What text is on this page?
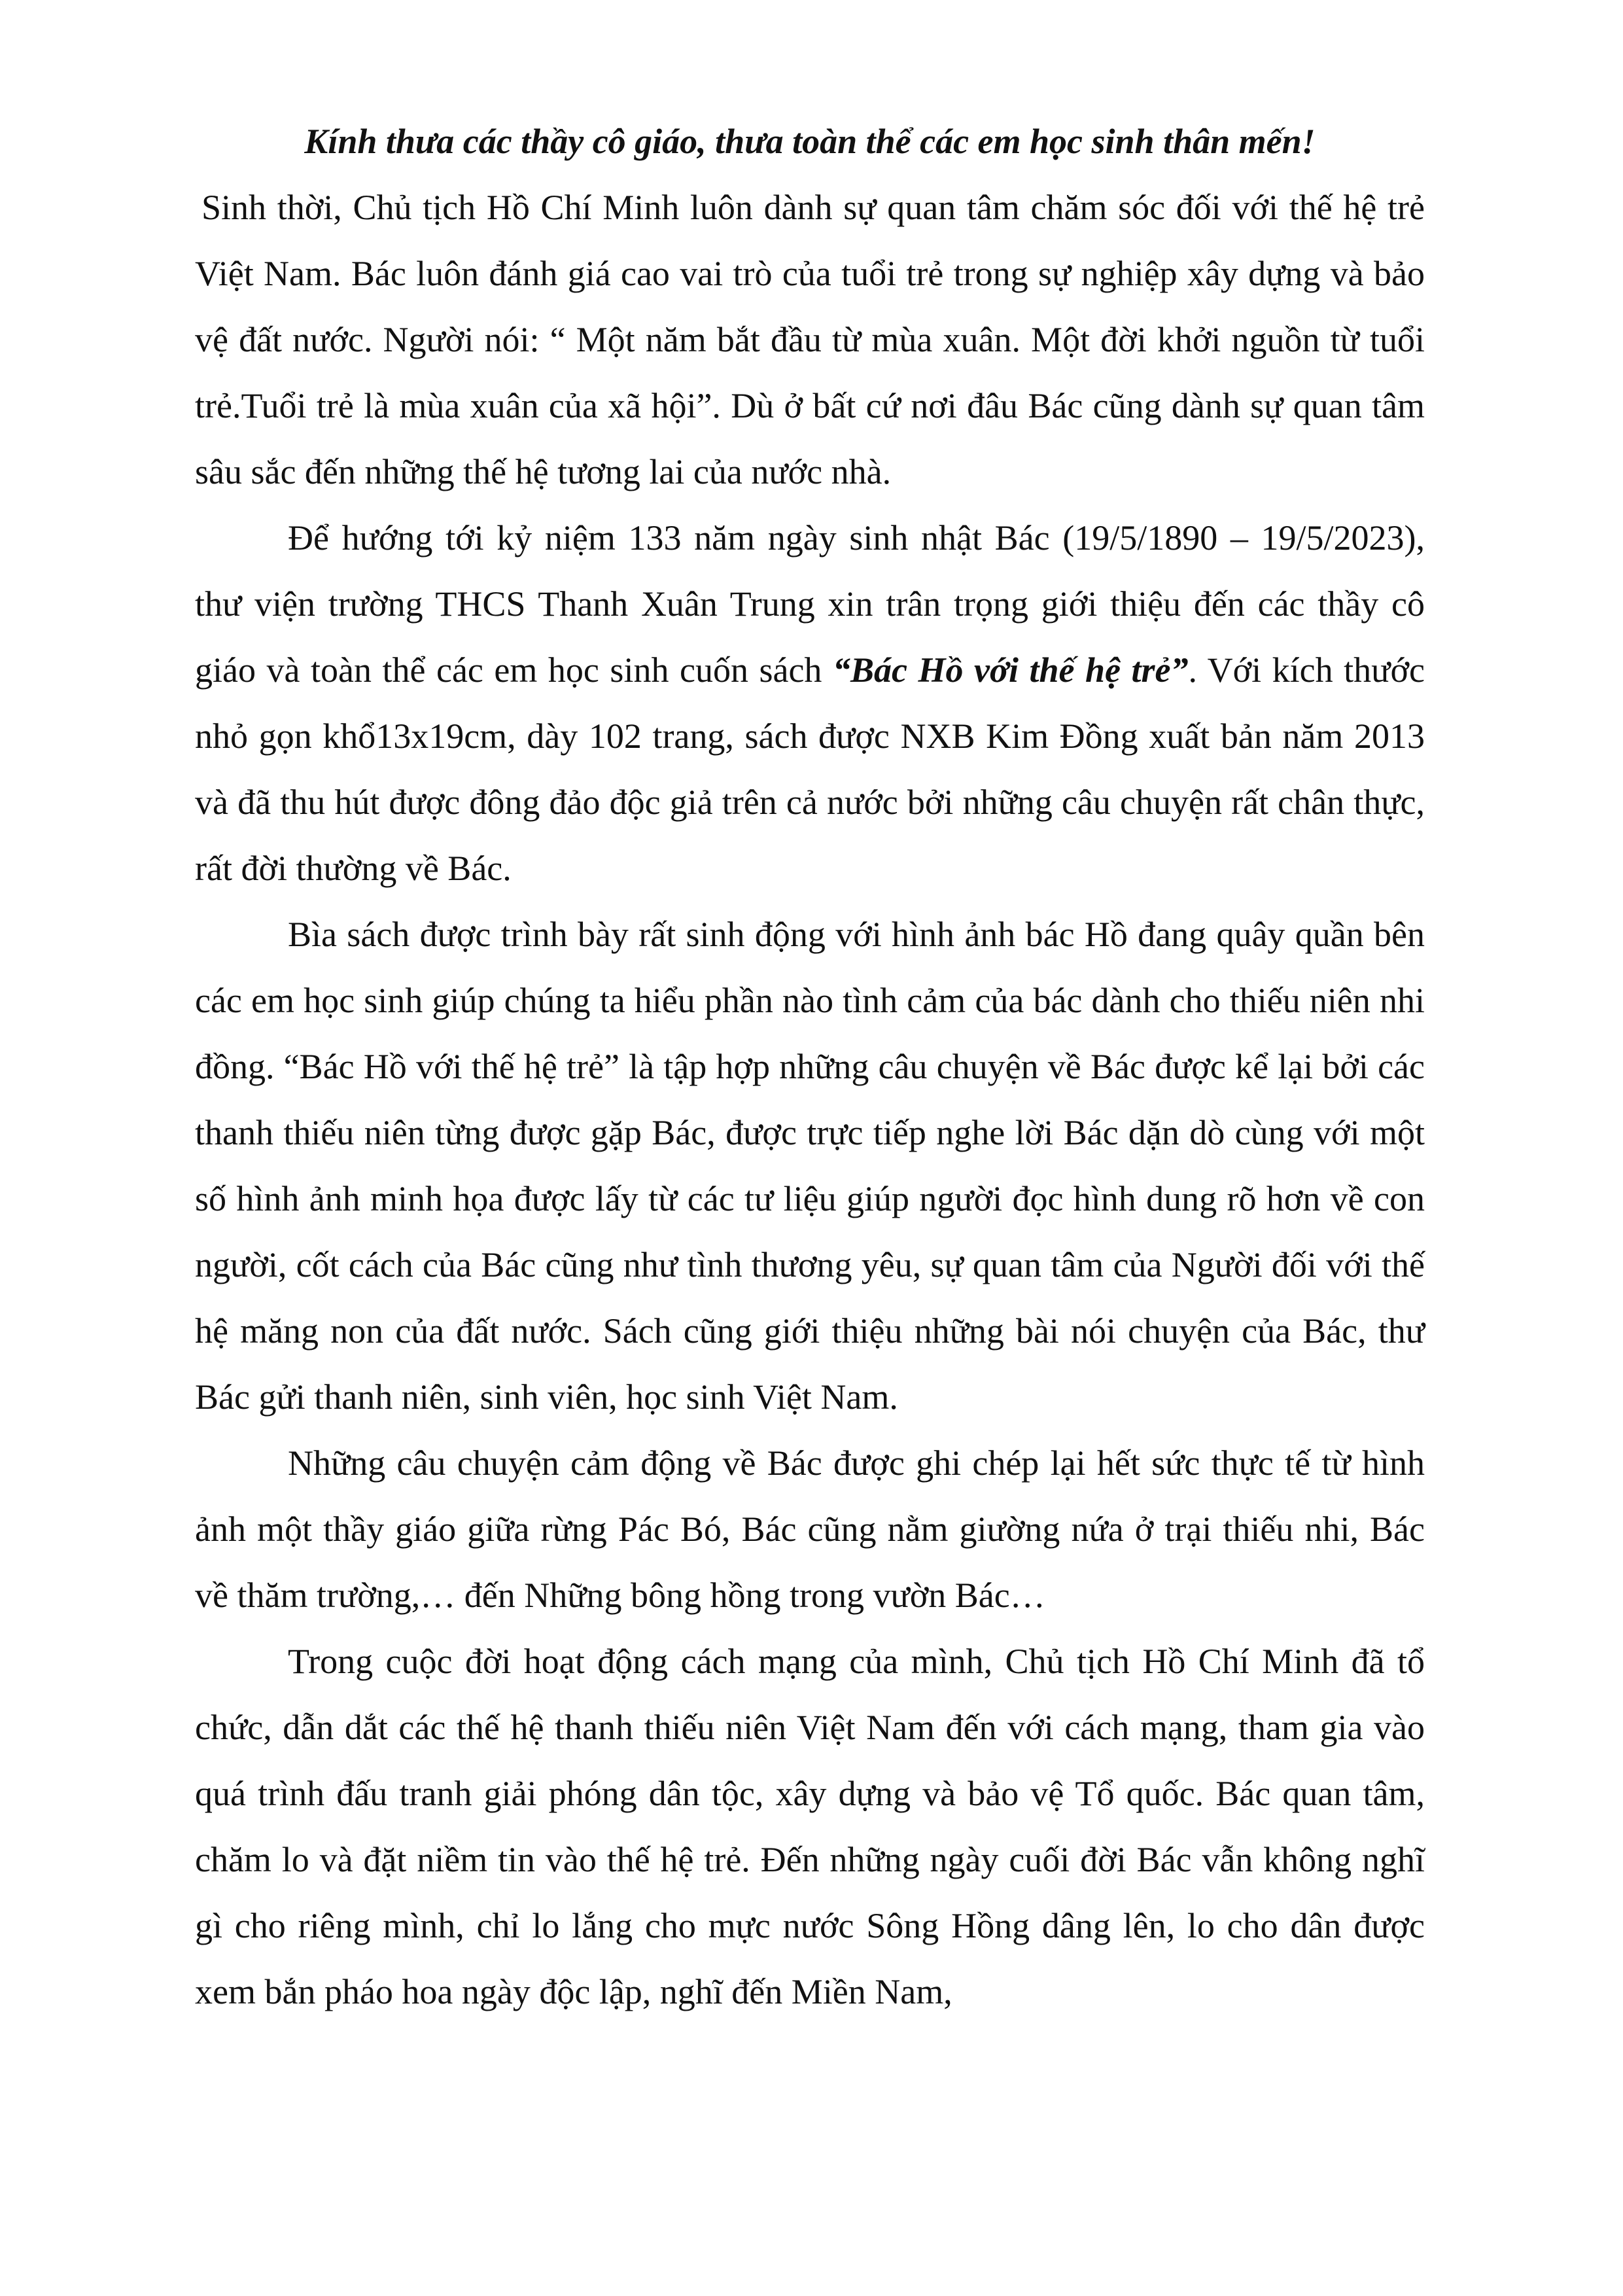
Kính thưa các thầy cô giáo, thưa toàn thể các em học sinh thân mến!

Sinh thời, Chủ tịch Hồ Chí Minh luôn dành sự quan tâm chăm sóc đối với thế hệ trẻ Việt Nam. Bác luôn đánh giá cao vai trò của tuổi trẻ trong sự nghiệp xây dựng và bảo vệ đất nước. Người nói: “ Một năm bắt đầu từ mùa xuân. Một đời khởi nguồn từ tuổi trẻ.Tuổi trẻ là mùa xuân của xã hội”. Dù ở bất cứ nơi đâu Bác cũng dành sự quan tâm sâu sắc đến những thế hệ tương lai của nước nhà.

Để hướng tới kỷ niệm 133 năm ngày sinh nhật Bác (19/5/1890 – 19/5/2023), thư viện trường THCS Thanh Xuân Trung xin trân trọng giới thiệu đến các thầy cô giáo và toàn thể các em học sinh cuốn sách “Bác Hồ với thế hệ trẻ”. Với kích thước nhỏ gọn khổ13x19cm, dày 102 trang, sách được NXB Kim Đồng xuất bản năm 2013 và đã thu hút được đông đảo độc giả trên cả nước bởi những câu chuyện rất chân thực, rất đời thường về Bác.

Bìa sách được trình bày rất sinh động với hình ảnh bác Hồ đang quây quần bên các em học sinh giúp chúng ta hiểu phần nào tình cảm của bác dành cho thiếu niên nhi đồng. “Bác Hồ với thế hệ trẻ” là tập hợp những câu chuyện về Bác được kể lại bởi các thanh thiếu niên từng được gặp Bác, được trực tiếp nghe lời Bác dặn dò cùng với một số hình ảnh minh họa được lấy từ các tư liệu giúp người đọc hình dung rõ hơn về con người, cốt cách của Bác cũng như tình thương yêu, sự quan tâm của Người đối với thế hệ măng non của đất nước. Sách cũng giới thiệu những bài nói chuyện của Bác, thư Bác gửi thanh niên, sinh viên, học sinh Việt Nam.

Những câu chuyện cảm động về Bác được ghi chép lại hết sức thực tế từ hình ảnh một thầy giáo giữa rừng Pác Bó, Bác cũng nằm giường nứa ở trại thiếu nhi, Bác về thăm trường,… đến Những bông hồng trong vườn Bác…

Trong cuộc đời hoạt động cách mạng của mình, Chủ tịch Hồ Chí Minh đã tổ chức, dẫn dắt các thế hệ thanh thiếu niên Việt Nam đến với cách mạng, tham gia vào quá trình đấu tranh giải phóng dân tộc, xây dựng và bảo vệ Tổ quốc. Bác quan tâm, chăm lo và đặt niềm tin vào thế hệ trẻ. Đến những ngày cuối đời Bác vẫn không nghĩ gì cho riêng mình, chỉ lo lắng cho mực nước Sông Hồng dâng lên, lo cho dân được xem bắn pháo hoa ngày độc lập, nghĩ đến Miền Nam,
